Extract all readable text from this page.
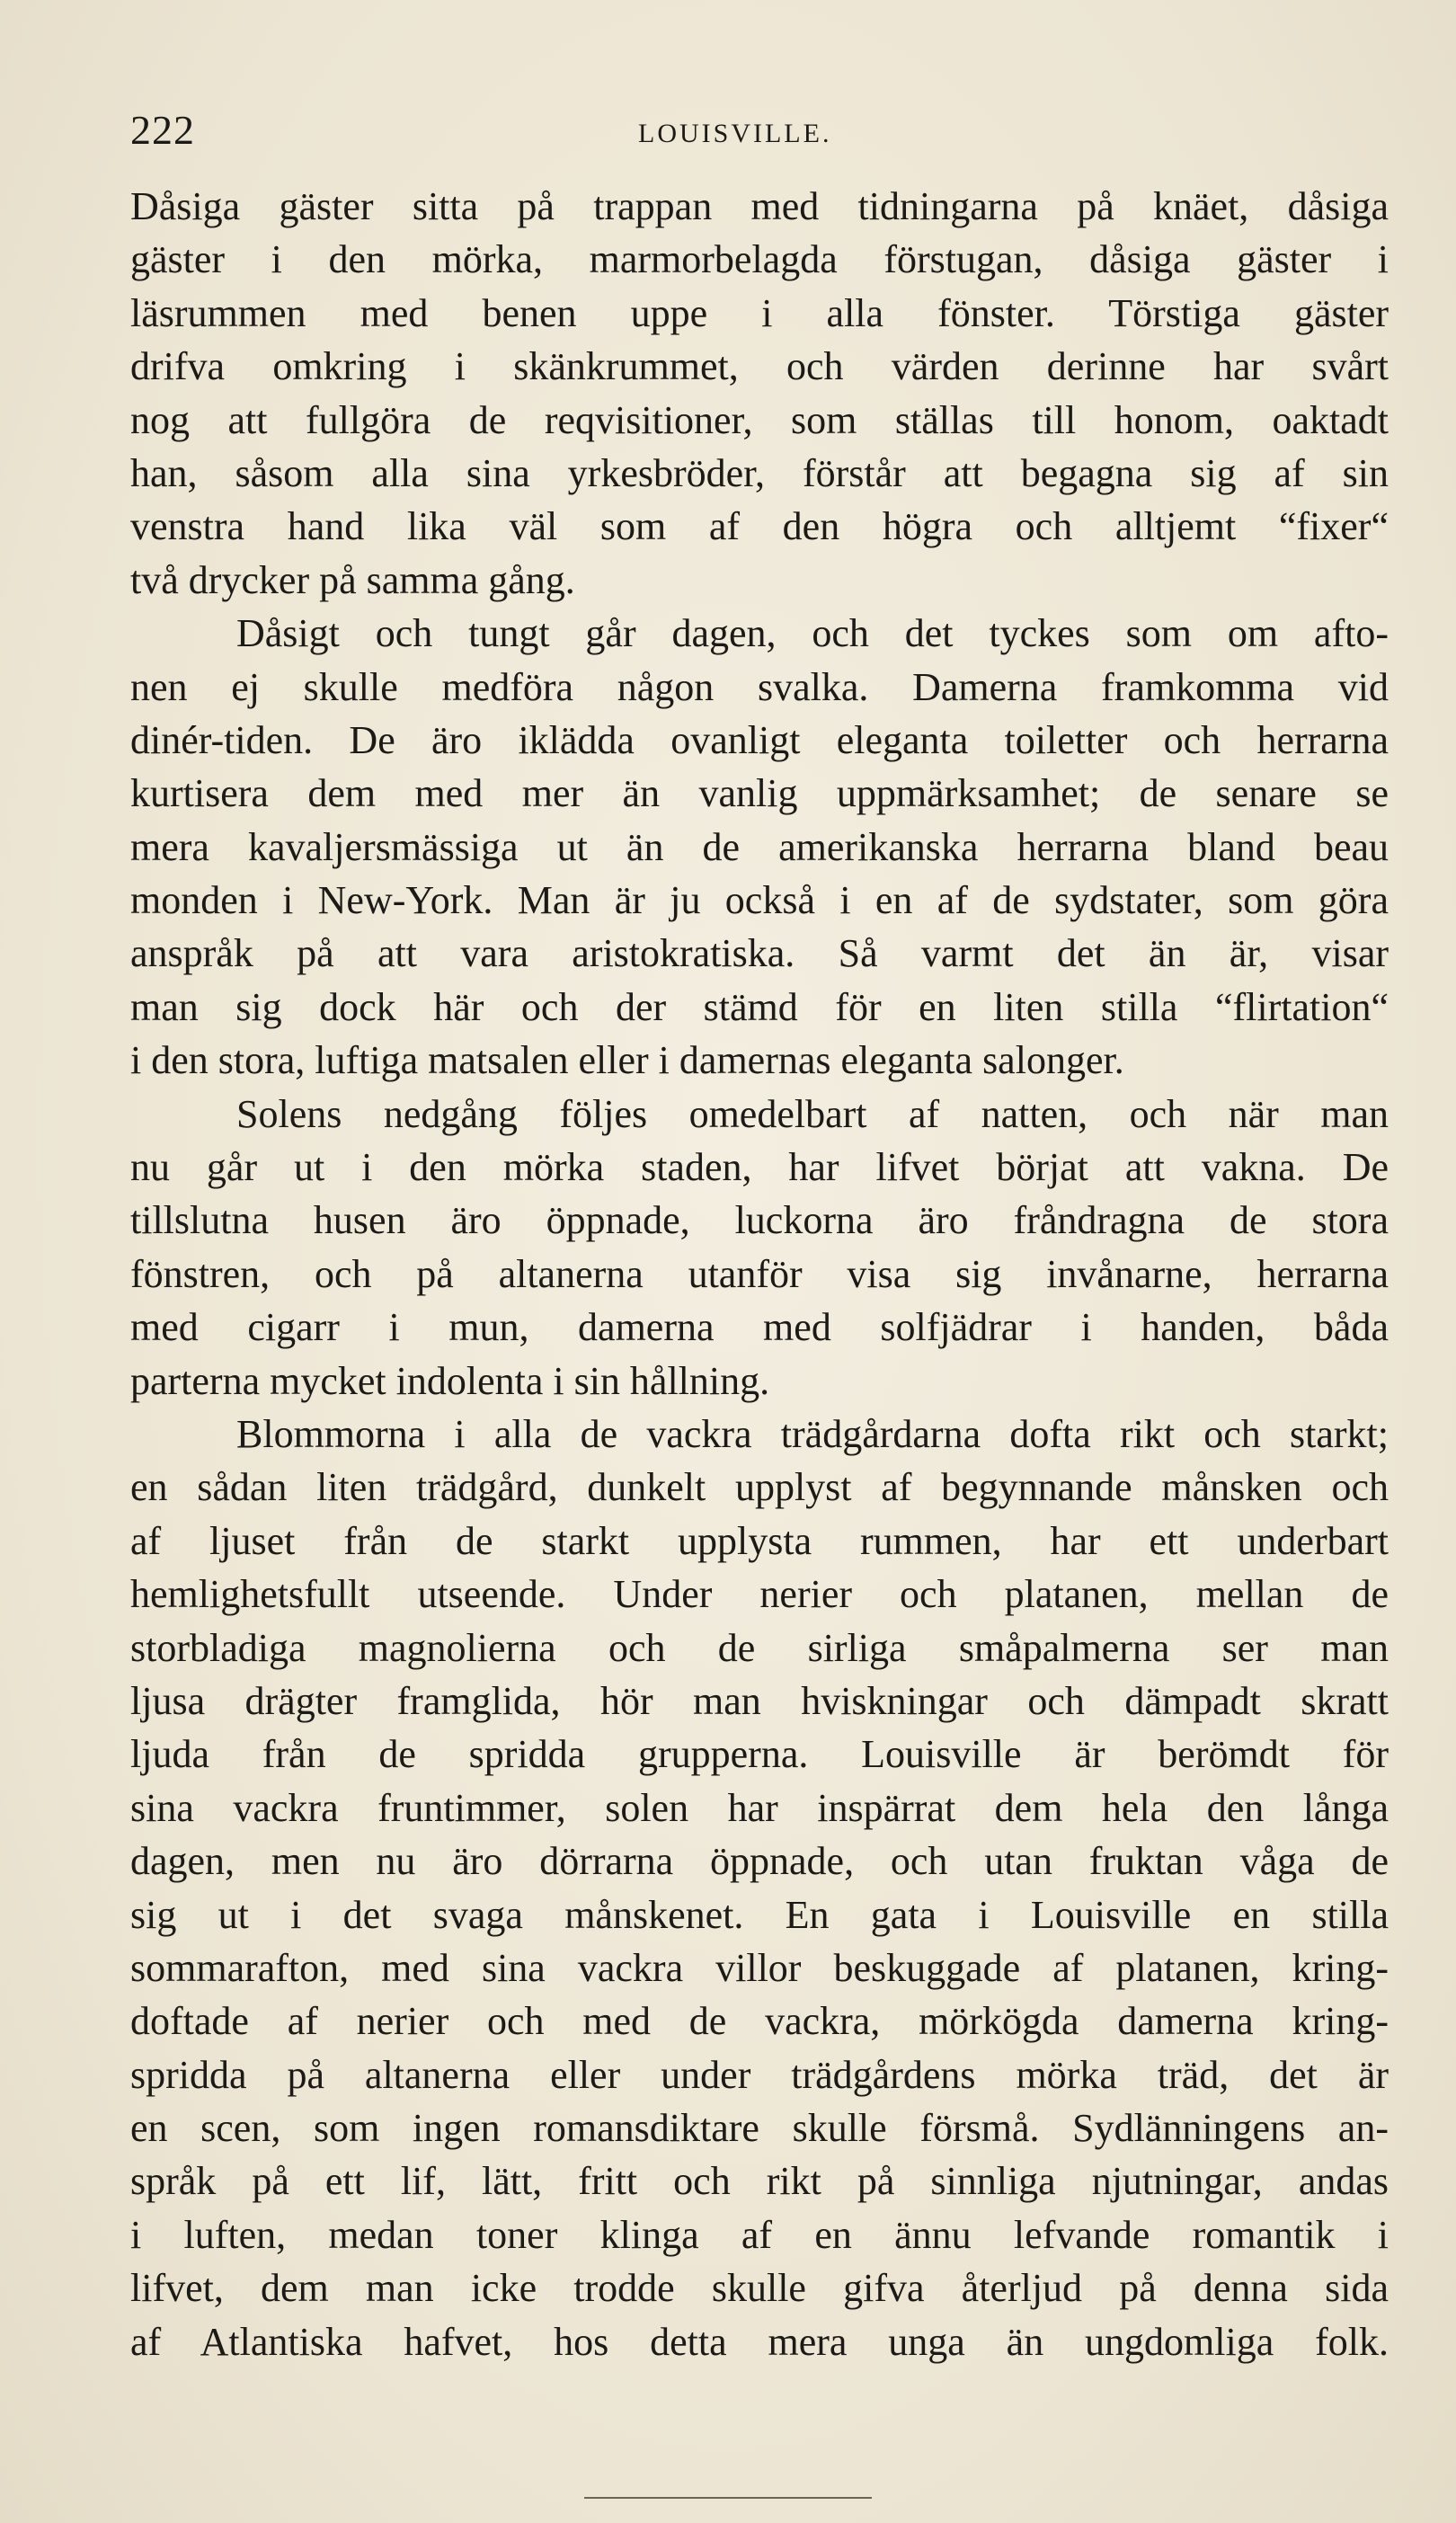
222	LOUISVILLE.
Dåsiga gäster sitta på trappan med tidningarna på knäet, dåsiga
gäster i den mörka, marmorbelagda förstugan, dåsiga gäster i
läsrummen med benen uppe i alla fönster. Törstiga gäster
drifva omkring i skänkrummet, och värden derinne har svårt
nog att fullgöra de reqvisitioner, som ställas till honom, oaktadt
han, såsom alla sina yrkesbröder, förstår att begagna sig af sin
venstra hand lika väl som af den högra och alltjemt “fixer“
två drycker på samma gång.
Dåsigt och tungt går dagen, och det tyckes som om afto-
nen ej skulle medföra någon svalka. Damerna framkomma vid
dinér-tiden. De äro iklädda ovanligt eleganta toiletter och herrarna
kurtisera dem med mer än vanlig uppmärksamhet; de senare se
mera kavaljersmässiga ut än de amerikanska herrarna bland beau
monden i New-York. Man är ju också i en af de sydstater, som göra
anspråk på att vara aristokratiska. Så varmt det än är, visar
man sig dock här och der stämd för en liten stilla “flirtation“
i den stora, luftiga matsalen eller i damernas eleganta salonger.
Solens nedgång följes omedelbart af natten, och när man
nu går ut i den mörka staden, har lifvet börjat att vakna. De
tillslutna husen äro öppnade, luckorna äro fråndragna de stora
fönstren, och på altanerna utanför visa sig invånarne, herrarna
med cigarr i mun, damerna med solfjädrar i handen, båda
parterna mycket indolenta i sin hållning.
Blommorna i alla de vackra trädgårdarna dofta rikt och starkt;
en sådan liten trädgård, dunkelt upplyst af begynnande månsken och
af ljuset från de starkt upplysta rummen, har ett underbart
hemlighetsfullt utseende. Under nerier och platanen, mellan de
storbladiga magnolierna och de sirliga småpalmerna ser man
ljusa drägter framglida, hör man hviskningar och dämpadt skratt
ljuda från de spridda grupperna. Louisville är berömdt för
sina vackra fruntimmer, solen har inspärrat dem hela den långa
dagen, men nu äro dörrarna öppnade, och utan fruktan våga de
sig ut i det svaga månskenet. En gata i Louisville en stilla
sommarafton, med sina vackra villor beskuggade af platanen, kring-
doftade af nerier och med de vackra, mörkögda damerna kring-
spridda på altanerna eller under trädgårdens mörka träd, det är
en scen, som ingen romansdiktare skulle försmå. Sydlänningens an-
språk på ett lif, lätt, fritt och rikt på sinnliga njutningar, andas
i luften, medan toner klinga af en ännu lefvande romantik i
lifvet, dem man icke trodde skulle gifva återljud på denna sida
af Atlantiska hafvet, hos detta mera unga än ungdomliga folk.
